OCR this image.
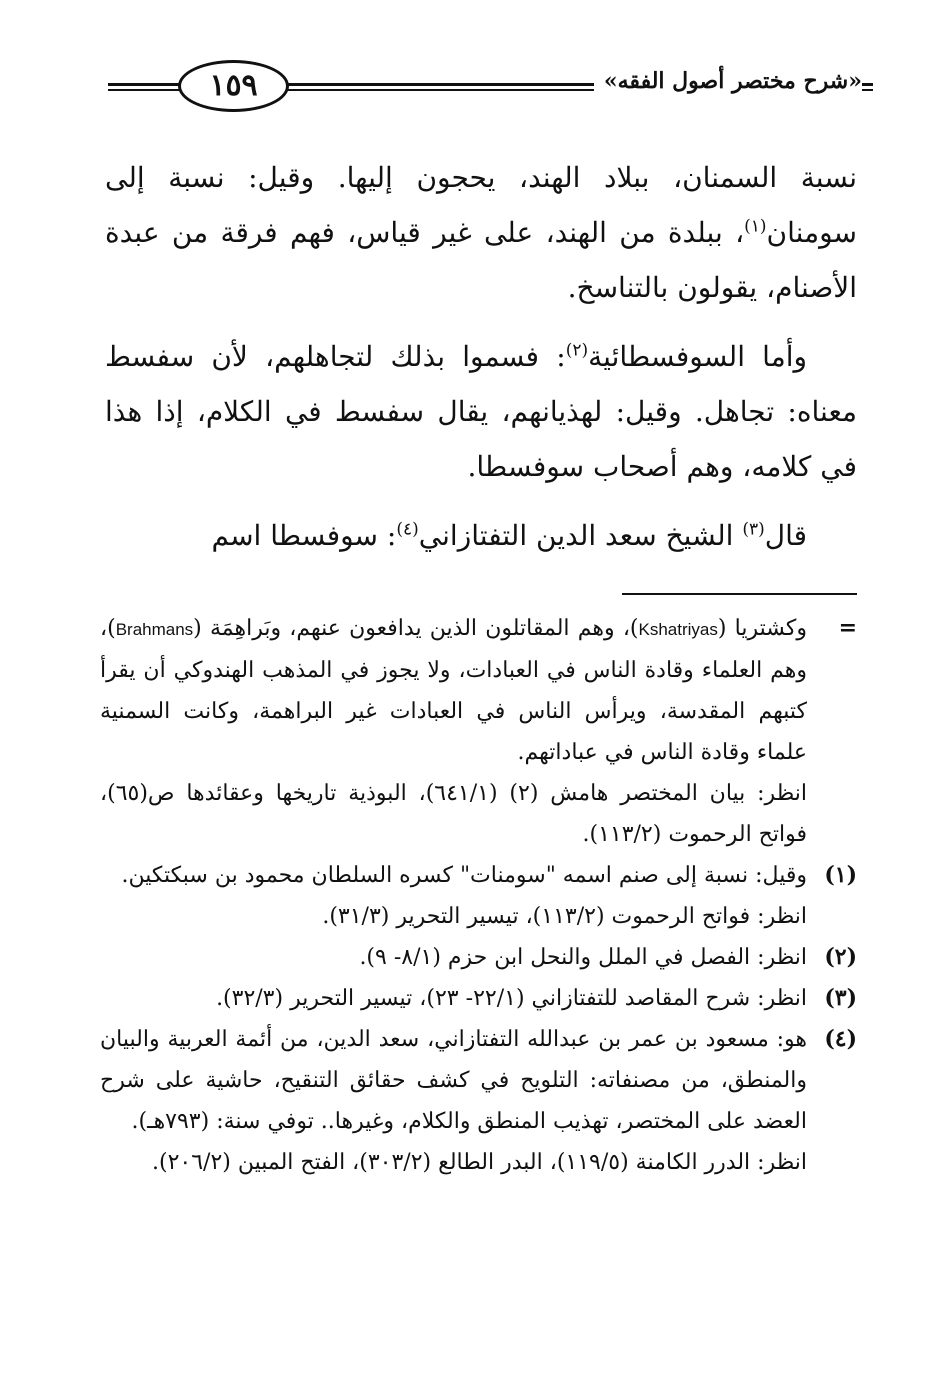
١٥٩	«شرح مختصر أصول الفقه»

نسبة السمنان، ببلاد الهند، يحجون إليها. وقيل: نسبة إلى سومنان$^{(١)}$، ببلدة من الهند، على غير قياس، فهم فرقة من عبدة الأصنام، يقولون بالتناسخ.

وأما السوفسطائية$^{(٢)}$: فسموا بذلك لتجاهلهم، لأن سفسط معناه: تجاهل. وقيل: لهذيانهم، يقال سفسط في الكلام، إذا هذا في كلامه، وهم أصحاب سوفسطا.

قال$^{(٣)}$ الشيخ سعد الدين التفتازاني$^{(٤)}$: سوفسطا اسم

=

وكشتريا (Kshatriyas)، وهم المقاتلون الذين يدافعون عنهم، وبَراهِمَة (Brahmans)، وهم العلماء وقادة الناس في العبادات، ولا يجوز في المذهب الهندوكي أن يقرأ كتبهم المقدسة، ويرأس الناس في العبادات غير البراهمة، وكانت السمنية علماء وقادة الناس في عباداتهم.

انظر: بيان المختصر هامش (٢) (٦٤١/١)، البوذية تاريخها وعقائدها ص(٦٥)، فواتح الرحموت (١١٣/٢).

(١)

وقيل: نسبة إلى صنم اسمه "سومنات" كسره السلطان محمود بن سبكتكين.

انظر: فواتح الرحموت (١١٣/٢)، تيسير التحرير (٣١/٣).

(٢)

انظر: الفصل في الملل والنحل ابن حزم (٨/١- ٩).

(٣)

انظر: شرح المقاصد للتفتازاني (٢٢/١- ٢٣)، تيسير التحرير (٣٢/٣).

(٤)

هو: مسعود بن عمر بن عبدالله التفتازاني، سعد الدين، من أئمة العربية والبيان والمنطق، من مصنفاته: التلويح في كشف حقائق التنقيح، حاشية على شرح العضد على المختصر، تهذيب المنطق والكلام، وغيرها.. توفي سنة: (٧٩٣هـ).

انظر: الدرر الكامنة (١١٩/٥)، البدر الطالع (٣٠٣/٢)، الفتح المبين (٢٠٦/٢).
